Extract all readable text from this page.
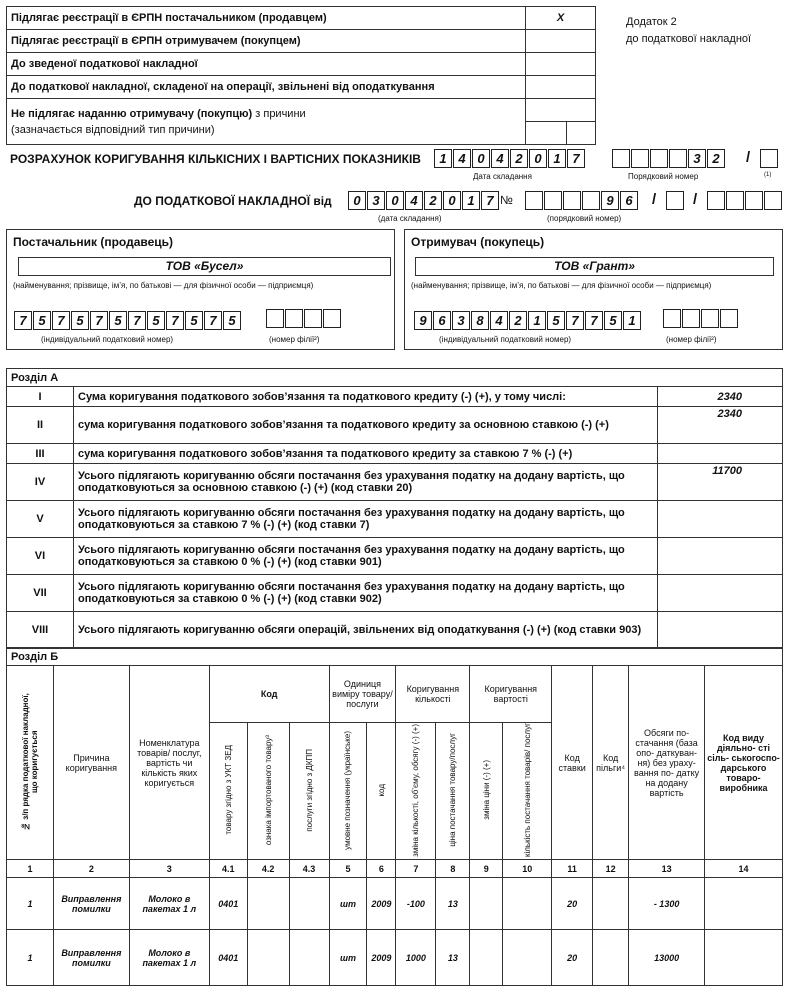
Підлягає реєстрації в ЄРПН постачальником (продавцем)	X
Підлягає реєстрації в ЄРПН отримувачем (покупцем)	
До зведеної податкової накладної	
До податкової накладної, складеної на операції, звільнені від оподаткування	
Не підлягає наданню отримувачу (покупцю) з причини
(зазначається відповідний тип причини)	
Додаток 2
до податкової накладної
РОЗРАХУНОК КОРИГУВАННЯ КІЛЬКІСНИХ І ВАРТІСНИХ ПОКАЗНИКІВ	1 4 0 4 2 0 1 7
Дата складання
3 2	/
Порядковий номер	(1)
ДО ПОДАТКОВОЇ НАКЛАДНОЇ від	0 3 0 4 2 0 1 7
(дата складання)
№	9 6	/ /
(порядковий номер)
Постачальник (продавець)
ТОВ «Бусел»
(найменування; прізвище, ім’я, по батькові — для фізичної особи — підприємця)
7 5 7 5 7 5 7 5 7 5 7 5
(індивідуальний податковий номер)	(номер філії²)
Отримувач (покупець)
ТОВ «Грант»
(найменування; прізвище, ім’я, по батькові — для фізичної особи — підприємця)
9 6 3 8 4 2 1 5 7 7 5 1
(індивідуальний податковий номер)	(номер філії²)
Розділ А		
I	Сума коригування податкового зобов’язання та податкового кредиту (-) (+), у тому числі:	2340
II	сума коригування податкового зобов’язання та податкового кредиту за основною ставкою (-) (+)	2340
III	сума коригування податкового зобов’язання та податкового кредиту за ставкою 7 % (-) (+)	
IV	Усього підлягають коригуванню обсяги постачання без урахування податку на додану вартість, що оподатковуються за основною ставкою (-) (+) (код ставки 20)	11700
V	Усього підлягають коригуванню обсяги постачання без урахування податку на додану вартість, що оподатковуються за ставкою 7 % (-) (+) (код ставки 7)	
VI	Усього підлягають коригуванню обсяги постачання без урахування податку на додану вартість, що оподатковуються за ставкою 0 % (-) (+) (код ставки 901)	
VII	Усього підлягають коригуванню обсяги постачання без урахування податку на додану вартість, що оподатковуються за ставкою 0 % (-) (+) (код ставки 902)	
VIII	Усього підлягають коригуванню обсяги операцій, звільнених від оподаткування (-) (+) (код ставки 903)	
Розділ Б															
№ з/п рядка податкової накладної, що коригується	Причина коригування	Номенклатура товарів/ послуг, вартість чи кількість яких коригується	Код			Одиниця виміру товару/ послуги		Коригування кількості		Коригування вартості		Код ставки	Код пільги⁴	Обсяги по- стачання (база опо- даткуван- ня) без ураху- вання по- датку на додану вартість	Код виду діяльно- сті сіль- ськогоспо- дарського товаро- виробника
			товару згідно з УКТ ЗЕД	ознака імпортованого товару³	послуги згідно з ДКПП	умовне позначення (українське)	код	зміна кількості, об’єму, обсягу (-) (+)	ціна постачання товару/послуг	зміна ціни (-) (+)	кількість постачання товарів/ послуг				
1	2	3	4.1	4.2	4.3	5	6	7	8	9	10	11	12	13	14
1	Виправлення помилки	Молоко в пакетах 1 л	0401			шт	2009	-100	13			20		- 1300	
1	Виправлення помилки	Молоко в пакетах 1 л	0401			шт	2009	1000	13			20		13000	
